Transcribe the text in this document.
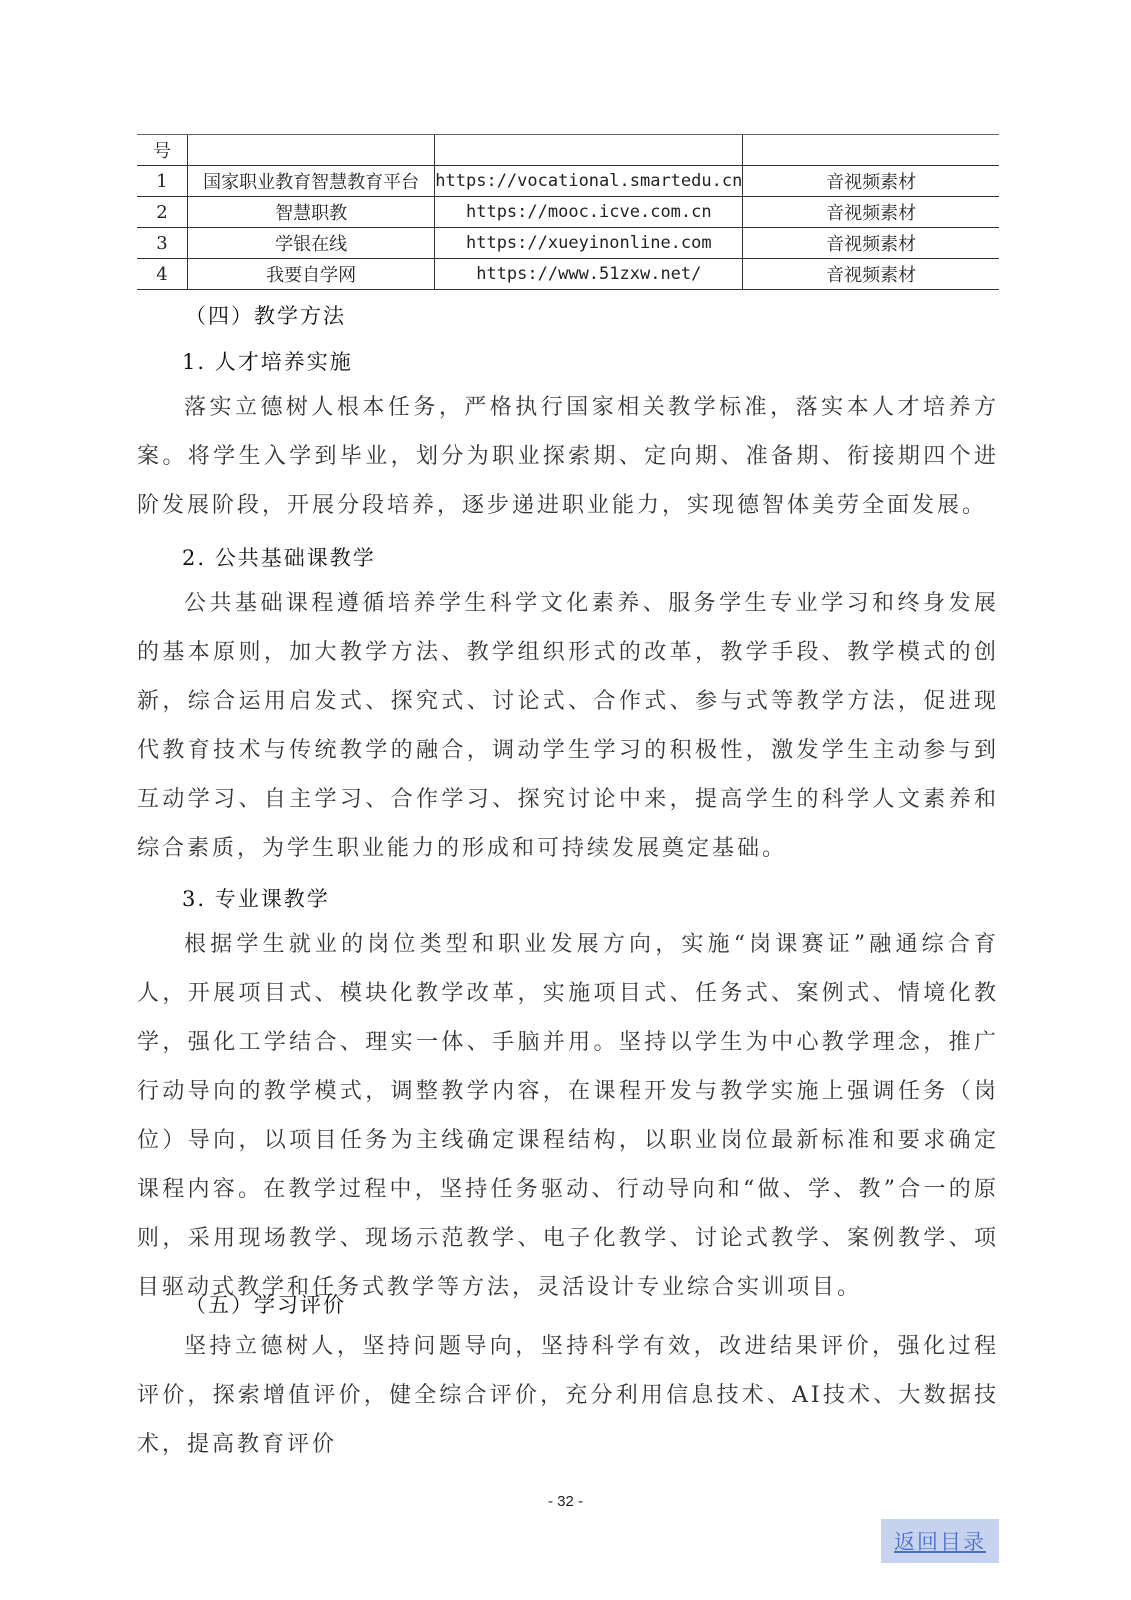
号			
1	国家职业教育智慧教育平台	https://vocational.smartedu.cn	音视频素材
2	智慧职教	https://mooc.icve.com.cn	音视频素材
3	学银在线	https://xueyinonline.com	音视频素材
4	我要自学网	https://www.51zxw.net/	音视频素材
（四）教学方法
1. 人才培养实施

落实立德树人根本任务，严格执行国家相关教学标准，落实本人才培养方案。将学生入学到毕业，划分为职业探索期、定向期、准备期、衔接期四个进阶发展阶段，开展分段培养，逐步递进职业能力，实现德智体美劳全面发展。

2. 公共基础课教学

公共基础课程遵循培养学生科学文化素养、服务学生专业学习和终身发展的基本原则，加大教学方法、教学组织形式的改革，教学手段、教学模式的创新，综合运用启发式、探究式、讨论式、合作式、参与式等教学方法，促进现代教育技术与传统教学的融合，调动学生学习的积极性，激发学生主动参与到互动学习、自主学习、合作学习、探究讨论中来，提高学生的科学人文素养和综合素质，为学生职业能力的形成和可持续发展奠定基础。

3. 专业课教学

根据学生就业的岗位类型和职业发展方向，实施“岗课赛证”融通综合育人，开展项目式、模块化教学改革，实施项目式、任务式、案例式、情境化教学，强化工学结合、理实一体、手脑并用。坚持以学生为中心教学理念，推广行动导向的教学模式，调整教学内容，在课程开发与教学实施上强调任务（岗位）导向，以项目任务为主线确定课程结构，以职业岗位最新标准和要求确定课程内容。在教学过程中，坚持任务驱动、行动导向和“做、学、教”合一的原则，采用现场教学、现场示范教学、电子化教学、讨论式教学、案例教学、项目驱动式教学和任务式教学等方法，灵活设计专业综合实训项目。

（五）学习评价

坚持立德树人，坚持问题导向，坚持科学有效，改进结果评价，强化过程评价，探索增值评价，健全综合评价，充分利用信息技术、AI技术、大数据技术，提高教育评价

- 32 -
返回目录
